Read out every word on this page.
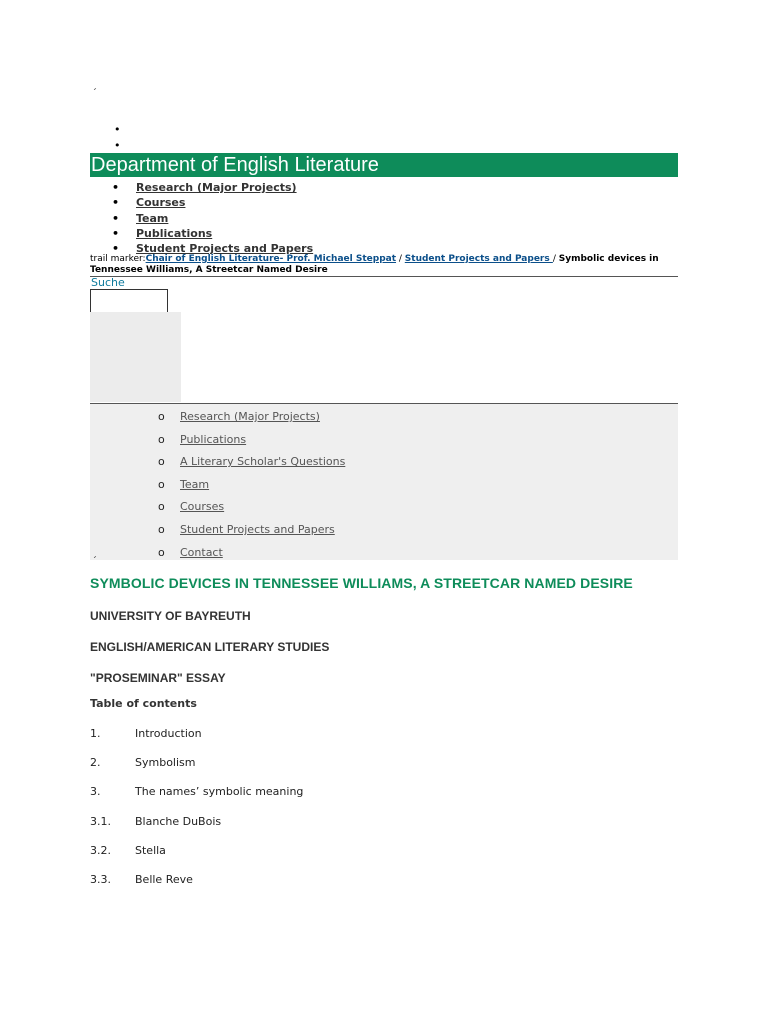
´
•
•
Department of English Literature
• Research (Major Projects)
• Courses
• Team
• Publications
• Student Projects and Papers
trail marker:Chair of English Literature- Prof. Michael Steppat / Student Projects and Papers / Symbolic devices in Tennessee Williams, A Streetcar Named Desire
Suche
o Research (Major Projects)
o Publications
o A Literary Scholar's Questions
o Team
o Courses
o Student Projects and Papers
o Contact
´
SYMBOLIC DEVICES IN TENNESSEE WILLIAMS, A STREETCAR NAMED DESIRE
UNIVERSITY OF BAYREUTH
ENGLISH/AMERICAN LITERARY STUDIES
"PROSEMINAR" ESSAY
Table of contents
1.	Introduction
2.	Symbolism
3.	The names’ symbolic meaning
3.1. Blanche DuBois
3.2. Stella
3.3. Belle Reve
